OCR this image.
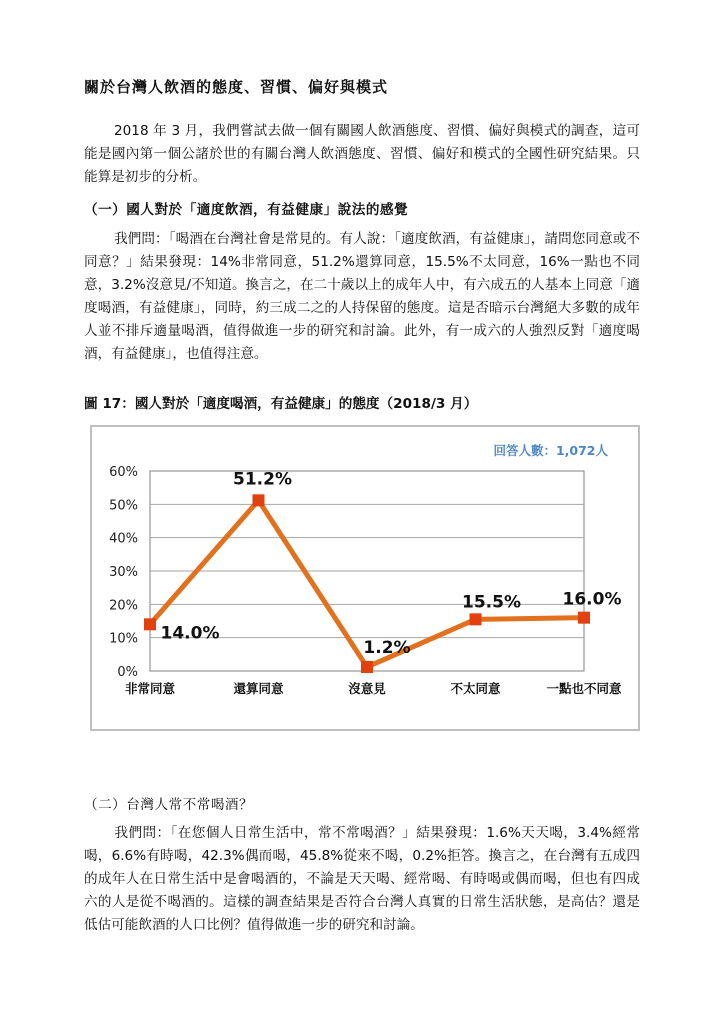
關於台灣人飲酒的態度、習慣、偏好與模式
2018 年 3 月，我們嘗試去做一個有關國人飲酒態度、習慣、偏好與模式的調查，這可能是國內第一個公諸於世的有關台灣人飲酒態度、習慣、偏好和模式的全國性研究結果。只能算是初步的分析。
（一）國人對於「適度飲酒，有益健康」說法的感覺
我們問：「喝酒在台灣社會是常見的。有人說：「適度飲酒，有益健康」，請問您同意或不同意？」結果發現：14%非常同意，51.2%還算同意，15.5%不太同意，16%一點也不同意，3.2%沒意見/不知道。換言之，在二十歲以上的成年人中，有六成五的人基本上同意「適度喝酒，有益健康」，同時，約三成二之的人持保留的態度。這是否暗示台灣絕大多數的成年人並不排斥適量喝酒，值得做進一步的研究和討論。此外，有一成六的人強烈反對「適度喝酒，有益健康」，也值得注意。
圖 17：國人對於「適度喝酒，有益健康」的態度（2018/3 月）
0%
10%
20%
30%
40%
50%
60%
非常同意	還算同意	沒意見	不太同意	一點也不同意
14.0%
51.2%
1.2%
15.5% 16.0%
回答人數：1,072人
（二）台灣人常不常喝酒？
我們問：「在您個人日常生活中，常不常喝酒？」結果發現：1.6%天天喝，3.4%經常喝，6.6%有時喝，42.3%偶而喝，45.8%從來不喝，0.2%拒答。換言之，在台灣有五成四的成年人在日常生活中是會喝酒的，不論是天天喝、經常喝、有時喝或偶而喝，但也有四成六的人是從不喝酒的。這樣的調查結果是否符合台灣人真實的日常生活狀態，是高估？還是低估可能飲酒的人口比例？值得做進一步的研究和討論。
